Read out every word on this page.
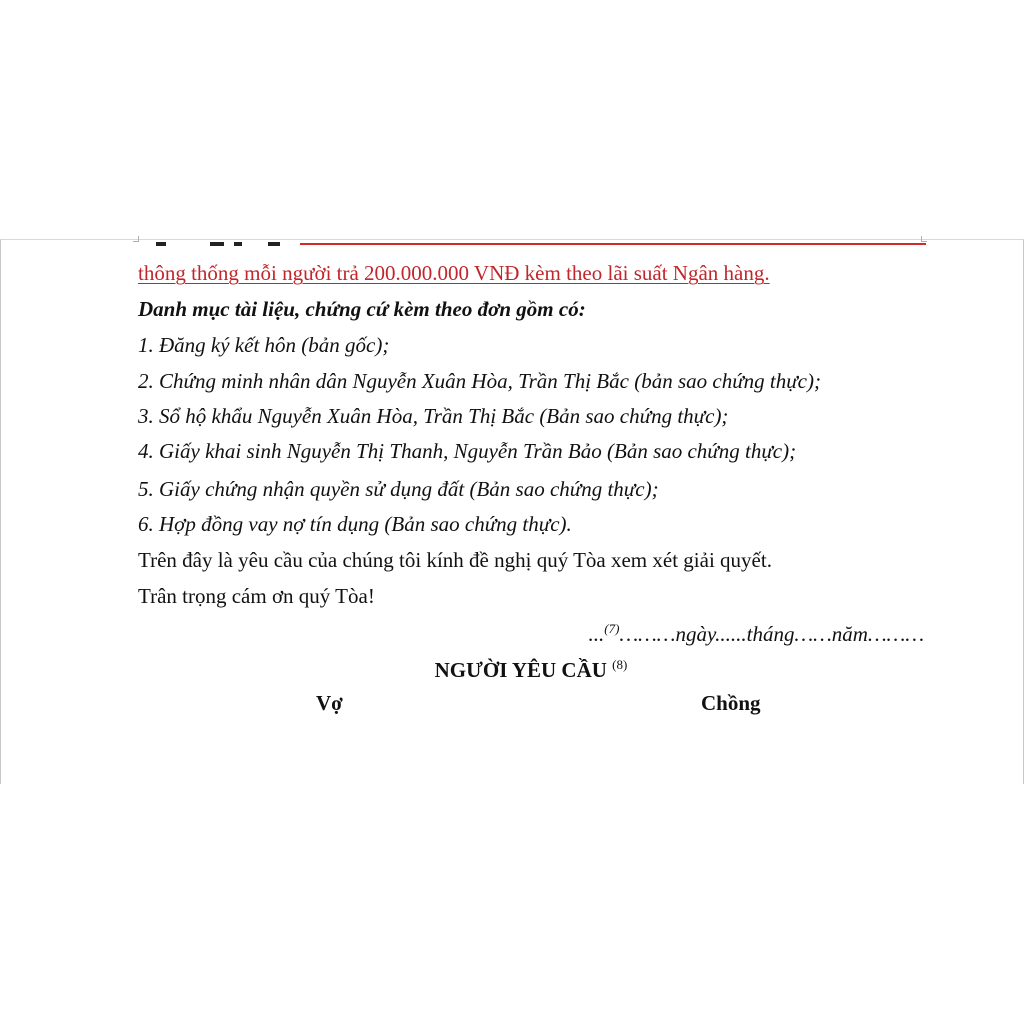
thông thống mỗi người trả 200.000.000 VNĐ kèm theo lãi suất Ngân hàng.
Danh mục tài liệu, chứng cứ kèm theo đơn gồm có:
1. Đăng ký kết hôn (bản gốc);
2. Chứng minh nhân dân Nguyễn Xuân Hòa, Trần Thị Bắc (bản sao chứng thực);
3. Sổ hộ khẩu Nguyễn Xuân Hòa, Trần Thị Bắc (Bản sao chứng thực);
4. Giấy khai sinh Nguyễn Thị Thanh, Nguyễn Trần Bảo (Bản sao chứng thực);
5. Giấy chứng nhận quyền sử dụng đất (Bản sao chứng thực);
6. Hợp đồng vay nợ tín dụng (Bản sao chứng thực).
Trên đây là yêu cầu của chúng tôi kính đề nghị quý Tòa xem xét giải quyết.
Trân trọng cám ơn quý Tòa!
...$^{(7)}$………ngày......tháng……năm………
NGƯỜI YÊU CẦU $^{(8)}$
Vợ	Chồng
